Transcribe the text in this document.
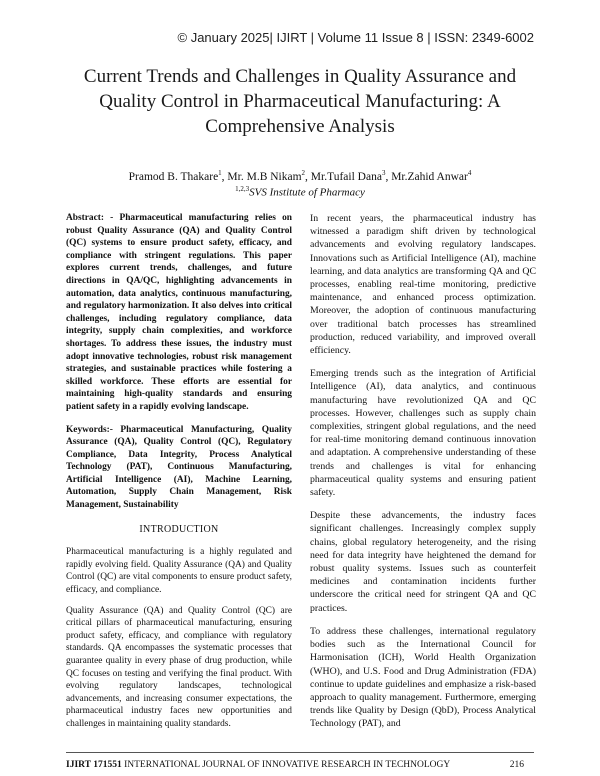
© January 2025| IJIRT | Volume 11 Issue 8 | ISSN: 2349-6002
Current Trends and Challenges in Quality Assurance and
Quality Control in Pharmaceutical Manufacturing: A
Comprehensive Analysis
Pramod B. Thakare$^1$, Mr. M.B Nikam$^2$, Mr.Tufail Dana$^3$, Mr.Zahid Anwar$^4$
$^{1,2,3}$SVS Institute of Pharmacy

Abstract: - Pharmaceutical manufacturing relies on robust Quality Assurance (QA) and Quality Control (QC) systems to ensure product safety, efficacy, and compliance with stringent regulations. This paper explores current trends, challenges, and future directions in QA/QC, highlighting advancements in automation, data analytics, continuous manufacturing, and regulatory harmonization. It also delves into critical challenges, including regulatory compliance, data integrity, supply chain complexities, and workforce shortages. To address these issues, the industry must adopt innovative technologies, robust risk management strategies, and sustainable practices while fostering a skilled workforce. These efforts are essential for maintaining high-quality standards and ensuring patient safety in a rapidly evolving landscape.

Keywords:- Pharmaceutical Manufacturing, Quality Assurance (QA), Quality Control (QC), Regulatory Compliance, Data Integrity, Process Analytical Technology (PAT), Continuous Manufacturing, Artificial Intelligence (AI), Machine Learning, Automation, Supply Chain Management, Risk Management, Sustainability

INTRODUCTION

Pharmaceutical manufacturing is a highly regulated and rapidly evolving field. Quality Assurance (QA) and Quality Control (QC) are vital components to ensure product safety, efficacy, and compliance.

Quality Assurance (QA) and Quality Control (QC) are critical pillars of pharmaceutical manufacturing, ensuring product safety, efficacy, and compliance with regulatory standards. QA encompasses the systematic processes that guarantee quality in every phase of drug production, while QC focuses on testing and verifying the final product. With evolving regulatory landscapes, technological advancements, and increasing consumer expectations, the pharmaceutical industry faces new opportunities and challenges in maintaining quality standards.

In recent years, the pharmaceutical industry has witnessed a paradigm shift driven by technological advancements and evolving regulatory landscapes. Innovations such as Artificial Intelligence (AI), machine learning, and data analytics are transforming QA and QC processes, enabling real-time monitoring, predictive maintenance, and enhanced process optimization. Moreover, the adoption of continuous manufacturing over traditional batch processes has streamlined production, reduced variability, and improved overall efficiency.

Emerging trends such as the integration of Artificial Intelligence (AI), data analytics, and continuous manufacturing have revolutionized QA and QC processes. However, challenges such as supply chain complexities, stringent global regulations, and the need for real-time monitoring demand continuous innovation and adaptation. A comprehensive understanding of these trends and challenges is vital for enhancing pharmaceutical quality systems and ensuring patient safety.

Despite these advancements, the industry faces significant challenges. Increasingly complex supply chains, global regulatory heterogeneity, and the rising need for data integrity have heightened the demand for robust quality systems. Issues such as counterfeit medicines and contamination incidents further underscore the critical need for stringent QA and QC practices.

To address these challenges, international regulatory bodies such as the International Council for Harmonisation (ICH), World Health Organization (WHO), and U.S. Food and Drug Administration (FDA) continue to update guidelines and emphasize a risk-based approach to quality management. Furthermore, emerging trends like Quality by Design (QbD), Process Analytical Technology (PAT), and

IJIRT 171551 INTERNATIONAL JOURNAL OF INNOVATIVE RESEARCH IN TECHNOLOGY	216
